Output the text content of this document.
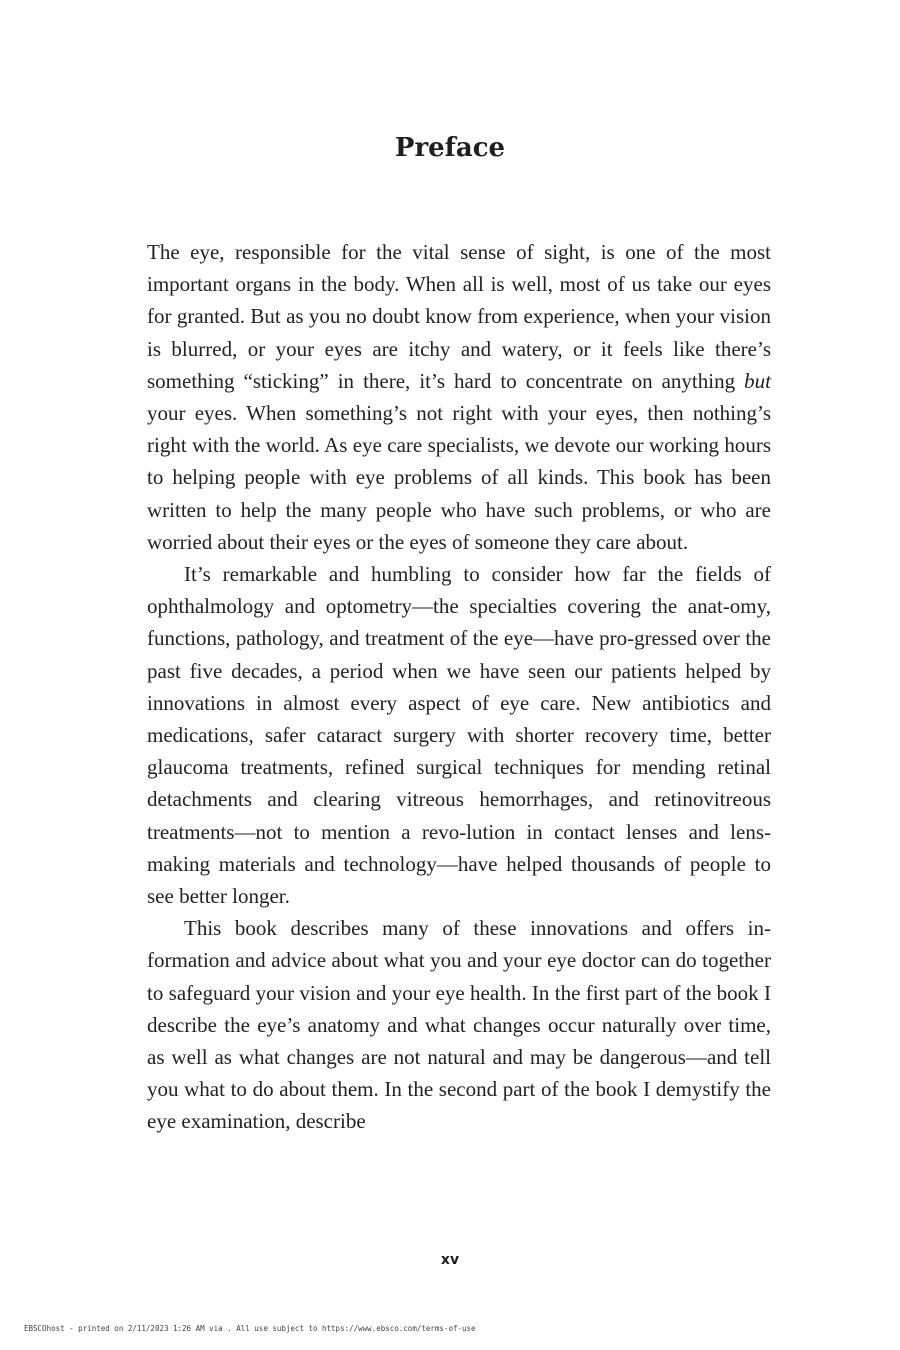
Preface

The eye, responsible for the vital sense of sight, is one of the most important organs in the body. When all is well, most of us take our eyes for granted. But as you no doubt know from experience, when your vision is blurred, or your eyes are itchy and watery, or it feels like there’s something “sticking” in there, it’s hard to concentrate on anything but your eyes. When something’s not right with your eyes, then nothing’s right with the world. As eye care specialists, we devote our working hours to helping people with eye problems of all kinds. This book has been written to help the many people who have such problems, or who are worried about their eyes or the eyes of someone they care about.

It’s remarkable and humbling to consider how far the fields of ophthalmology and optometry—the specialties covering the anat-omy, functions, pathology, and treatment of the eye—have pro-gressed over the past five decades, a period when we have seen our patients helped by innovations in almost every aspect of eye care. New antibiotics and medications, safer cataract surgery with shorter recovery time, better glaucoma treatments, refined surgical techniques for mending retinal detachments and clearing vitreous hemorrhages, and retinovitreous treatments—not to mention a revo-lution in contact lenses and lens-making materials and technology—have helped thousands of people to see better longer.

This book describes many of these innovations and offers in-formation and advice about what you and your eye doctor can do together to safeguard your vision and your eye health. In the first part of the book I describe the eye’s anatomy and what changes occur naturally over time, as well as what changes are not natural and may be dangerous—and tell you what to do about them. In the second part of the book I demystify the eye examination, describe

xv
EBSCOhost - printed on 2/11/2023 1:26 AM via . All use subject to https://www.ebsco.com/terms-of-use
